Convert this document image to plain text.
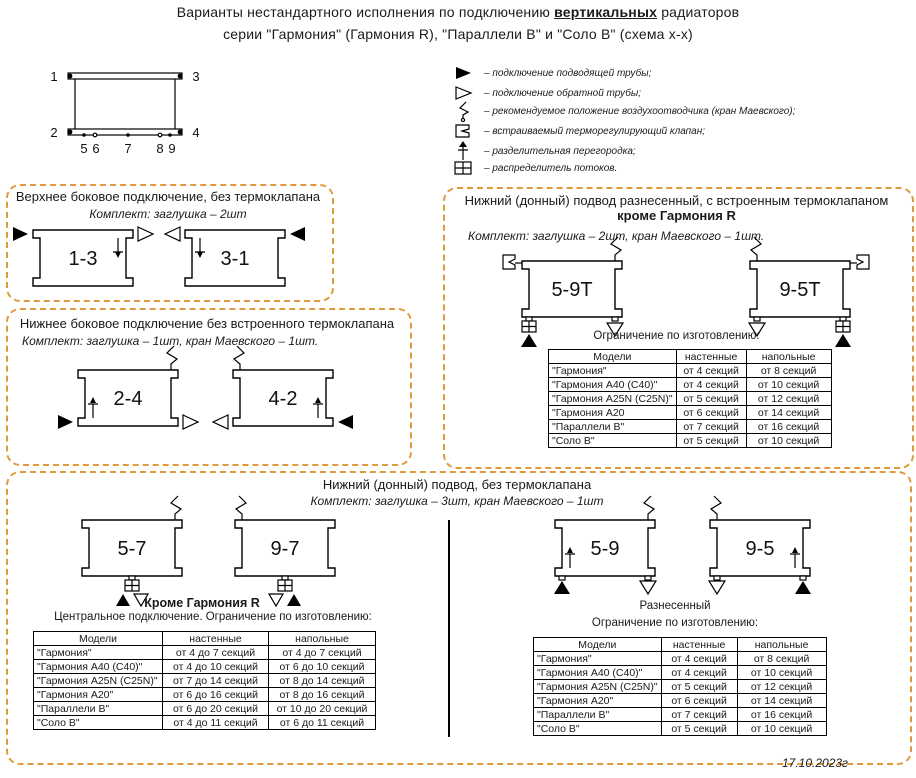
Варианты нестандартного исполнения по подключению вертикальных радиаторов
серии "Гармония" (Гармония R), "Параллели В" и "Соло В" (схема х-х)
1	3
2	4
5 6 7 8 9
– подключение подводящей трубы;
– подключение обратной трубы;
– рекомендуемое положение воздухоотводчика (кран Маевского);
– встраиваемый терморегулирующий клапан;
– разделительная перегородка;
– распределитель потоков.
Верхнее боковое подключение, без термоклапана
Комплект: заглушка – 2шт
1-3	3-1
Нижнее боковое подключение без встроенного термоклапана
Комплект: заглушка – 1шт, кран Маевского – 1шт.
2-4	4-2
Нижний (донный) подвод разнесенный, с встроенным термоклапаном
кроме Гармония R
Комплект: заглушка – 2шт, кран Маевского – 1шт.
5-9Т	9-5Т
Ограничение по изготовлению:
Модели	настенные	напольные
"Гармония"	от 4 секций	от 8 секций
"Гармония А40 (С40)"	от 4 секций	от 10 секций
"Гармония А25N (С25N)"	от 5 секций	от 12 секций
"Гармония А20	от 6 секций	от 14 секций
"Параллели В"	от 7 секций	от 16 секций
"Соло В"	от 5 секций	от 10 секций
Нижний (донный) подвод, без термоклапана
Комплект: заглушка – 3шт, кран Маевского – 1шт
5-7	9-7
Кроме Гармония R
Центральное подключение. Ограничение по изготовлению:
Модели	настенные	напольные
"Гармония"	от 4 до 7 секций	от 4 до 7 секций
"Гармония А40 (С40)"	от 4 до 10 секций	от 6 до 10 секций
"Гармония А25N (С25N)"	от 7 до 14 секций	от 8 до 14 секций
"Гармония А20"	от 6 до 16 секций	от 8 до 16 секций
"Параллели В"	от 6 до 20 секций	от 10 до 20 секций
"Соло В"	от 4 до 11 секций	от 6 до 11 секций
5-9	9-5
Разнесенный
Ограничение по изготовлению:
Модели	настенные	напольные
"Гармония"	от 4 секций	от 8 секций
"Гармония А40 (С40)"	от 4 секций	от 10 секций
"Гармония А25N (С25N)"	от 5 секций	от 12 секций
"Гармония А20"	от 6 секций	от 14 секций
"Параллели В"	от 7 секций	от 16 секций
"Соло В"	от 5 секций	от 10 секций
17.10.2023г
